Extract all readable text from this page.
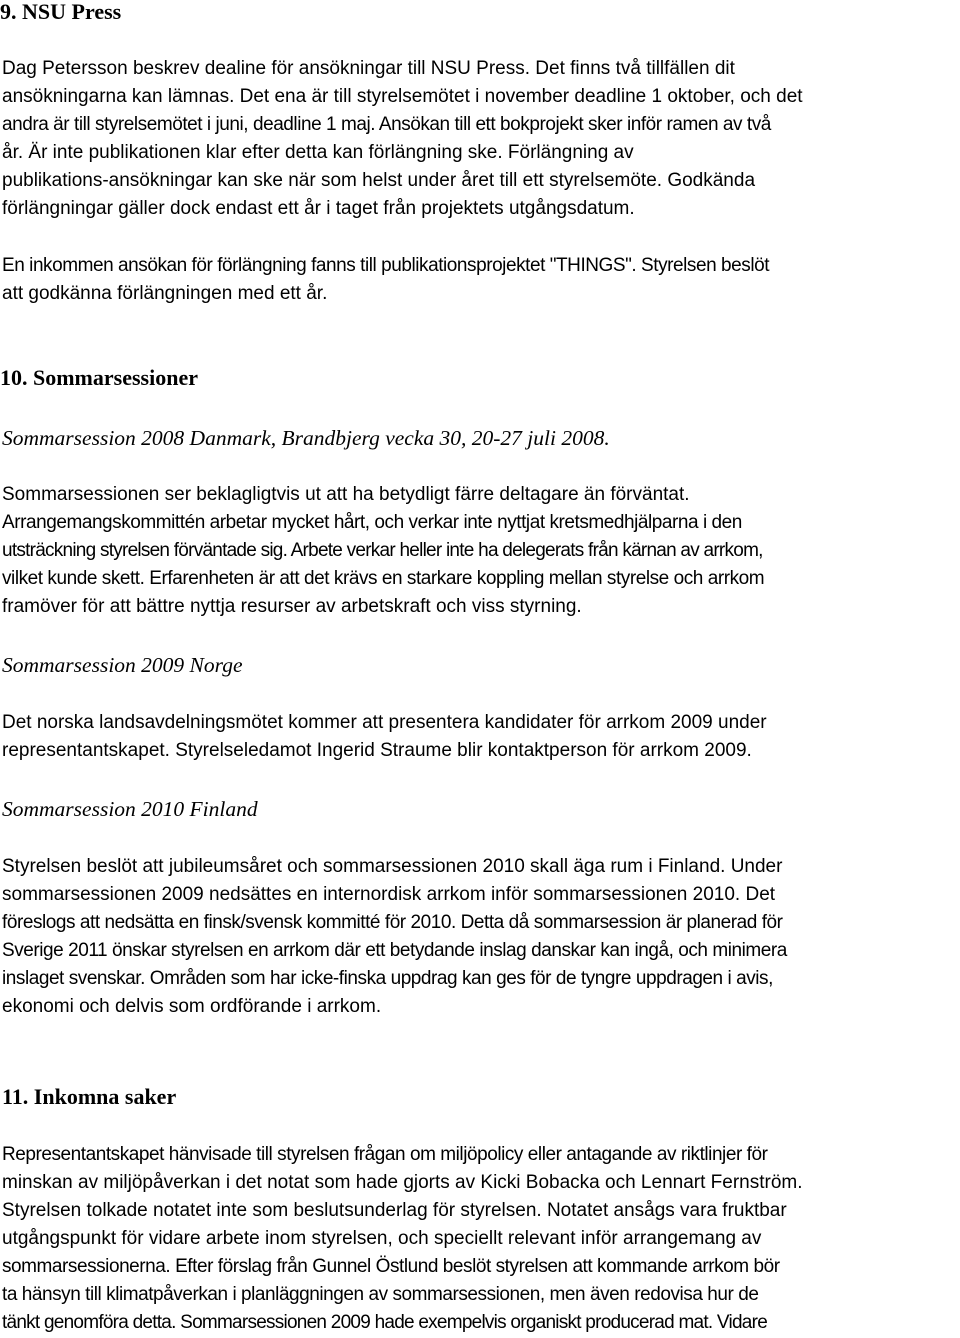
9. NSU Press
Dag Petersson beskrev dealine för ansökningar till NSU Press. Det finns två tillfällen dit
ansökningarna kan lämnas. Det ena är till styrelsemötet i november deadline 1 oktober, och det
andra är till styrelsemötet i juni, deadline 1 maj. Ansökan till ett bokprojekt sker inför ramen av två
år. Är inte publikationen klar efter detta kan förlängning ske. Förlängning av
publikations-ansökningar kan ske när som helst under året till ett styrelsemöte. Godkända
förlängningar gäller dock endast ett år i taget från projektets utgångsdatum.
En inkommen ansökan för förlängning fanns till publikationsprojektet "THINGS". Styrelsen beslöt
att godkänna förlängningen med ett år.
10. Sommarsessioner
Sommarsession 2008 Danmark, Brandbjerg vecka 30, 20-27 juli 2008.
Sommarsessionen ser beklagligtvis ut att ha betydligt färre deltagare än förväntat.
Arrangemangskommittén arbetar mycket hårt, och verkar inte nyttjat kretsmedhjälparna i den
utsträckning styrelsen förväntade sig. Arbete verkar heller inte ha delegerats från kärnan av arrkom,
vilket kunde skett. Erfarenheten är att det krävs en starkare koppling mellan styrelse och arrkom
framöver för att bättre nyttja resurser av arbetskraft och viss styrning.
Sommarsession 2009 Norge
Det norska landsavdelningsmötet kommer att presentera kandidater för arrkom 2009 under
representantskapet. Styrelseledamot Ingerid Straume blir kontaktperson för arrkom 2009.
Sommarsession 2010 Finland
Styrelsen beslöt att jubileumsåret och sommarsessionen 2010 skall äga rum i Finland. Under
sommarsessionen 2009 nedsättes en internordisk arrkom inför sommarsessionen 2010. Det
föreslogs att nedsätta en finsk/svensk kommitté för 2010. Detta då sommarsession är planerad för
Sverige 2011 önskar styrelsen en arrkom där ett betydande inslag danskar kan ingå, och minimera
inslaget svenskar. Områden som har icke-finska uppdrag kan ges för de tyngre uppdragen i avis,
ekonomi och delvis som ordförande i arrkom.
11. Inkomna saker
Representantskapet hänvisade till styrelsen frågan om miljöpolicy eller antagande av riktlinjer för
minskan av miljöpåverkan i det notat som hade gjorts av Kicki Bobacka och Lennart Fernström.
Styrelsen tolkade notatet inte som beslutsunderlag för styrelsen. Notatet ansågs vara fruktbar
utgångspunkt för vidare arbete inom styrelsen, och speciellt relevant inför arrangemang av
sommarsessionerna. Efter förslag från Gunnel Östlund beslöt styrelsen att kommande arrkom bör
ta hänsyn till klimatpåverkan i planläggningen av sommarsessionen, men även redovisa hur de
tänkt genomföra detta. Sommarsessionen 2009 hade exempelvis organiskt producerad mat. Vidare
